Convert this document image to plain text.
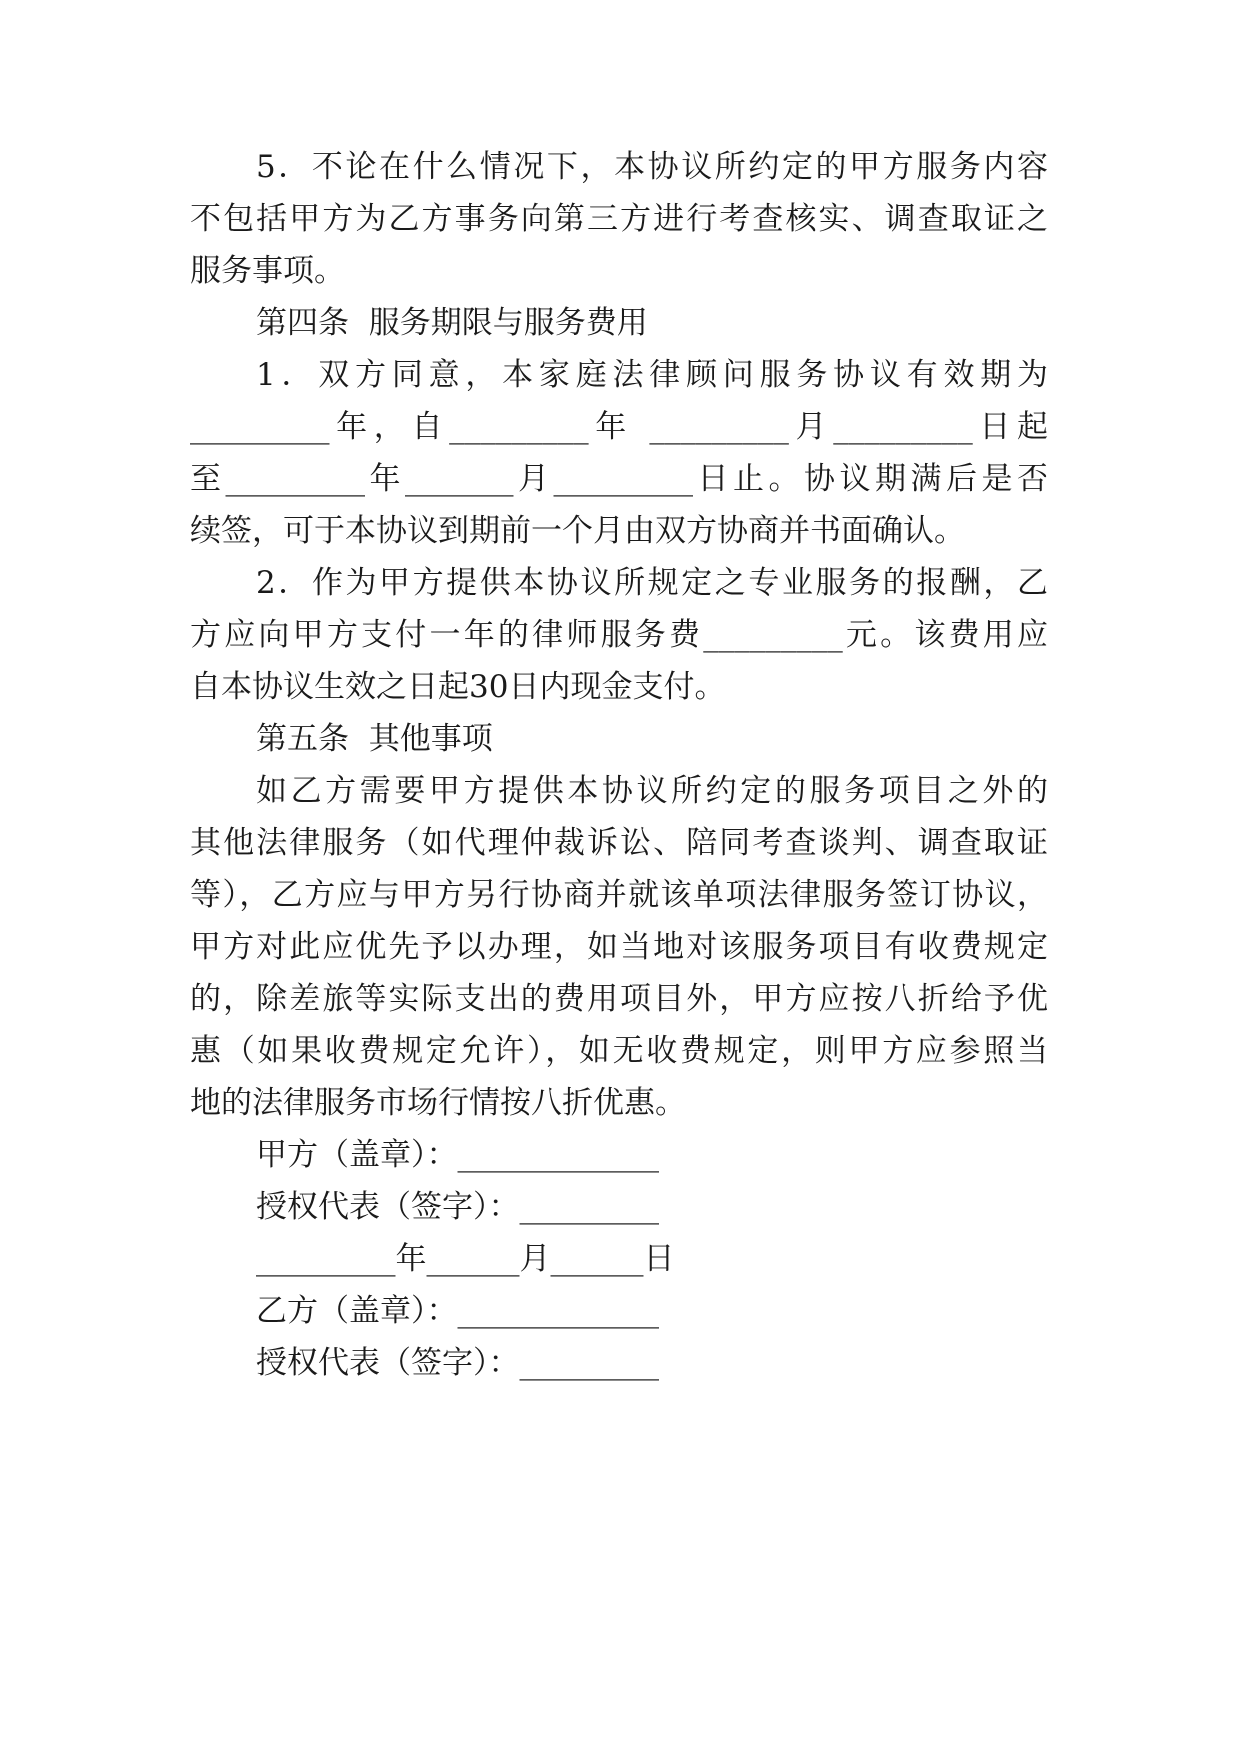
5．不论在什么情况下，本协议所约定的甲方服务内容
不包括甲方为乙方事务向第三方进行考查核实、调查取证之
服务事项。
第四条  服务期限与服务费用
1．双方同意，本家庭法律顾问服务协议有效期为
_________年，自_________年 _________月_________日起
至_________年_______月_________日止。协议期满后是否
续签，可于本协议到期前一个月由双方协商并书面确认。
2．作为甲方提供本协议所规定之专业服务的报酬，乙
方应向甲方支付一年的律师服务费_________元。该费用应
自本协议生效之日起30日内现金支付。
第五条  其他事项
如乙方需要甲方提供本协议所约定的服务项目之外的
其他法律服务（如代理仲裁诉讼、陪同考查谈判、调查取证
等），乙方应与甲方另行协商并就该单项法律服务签订协议，
甲方对此应优先予以办理，如当地对该服务项目有收费规定
的，除差旅等实际支出的费用项目外，甲方应按八折给予优
惠（如果收费规定允许），如无收费规定，则甲方应参照当
地的法律服务市场行情按八折优惠。
甲方（盖章）：_____________
授权代表（签字）：_________
_________年______月______日
乙方（盖章）：_____________
授权代表（签字）：_________
